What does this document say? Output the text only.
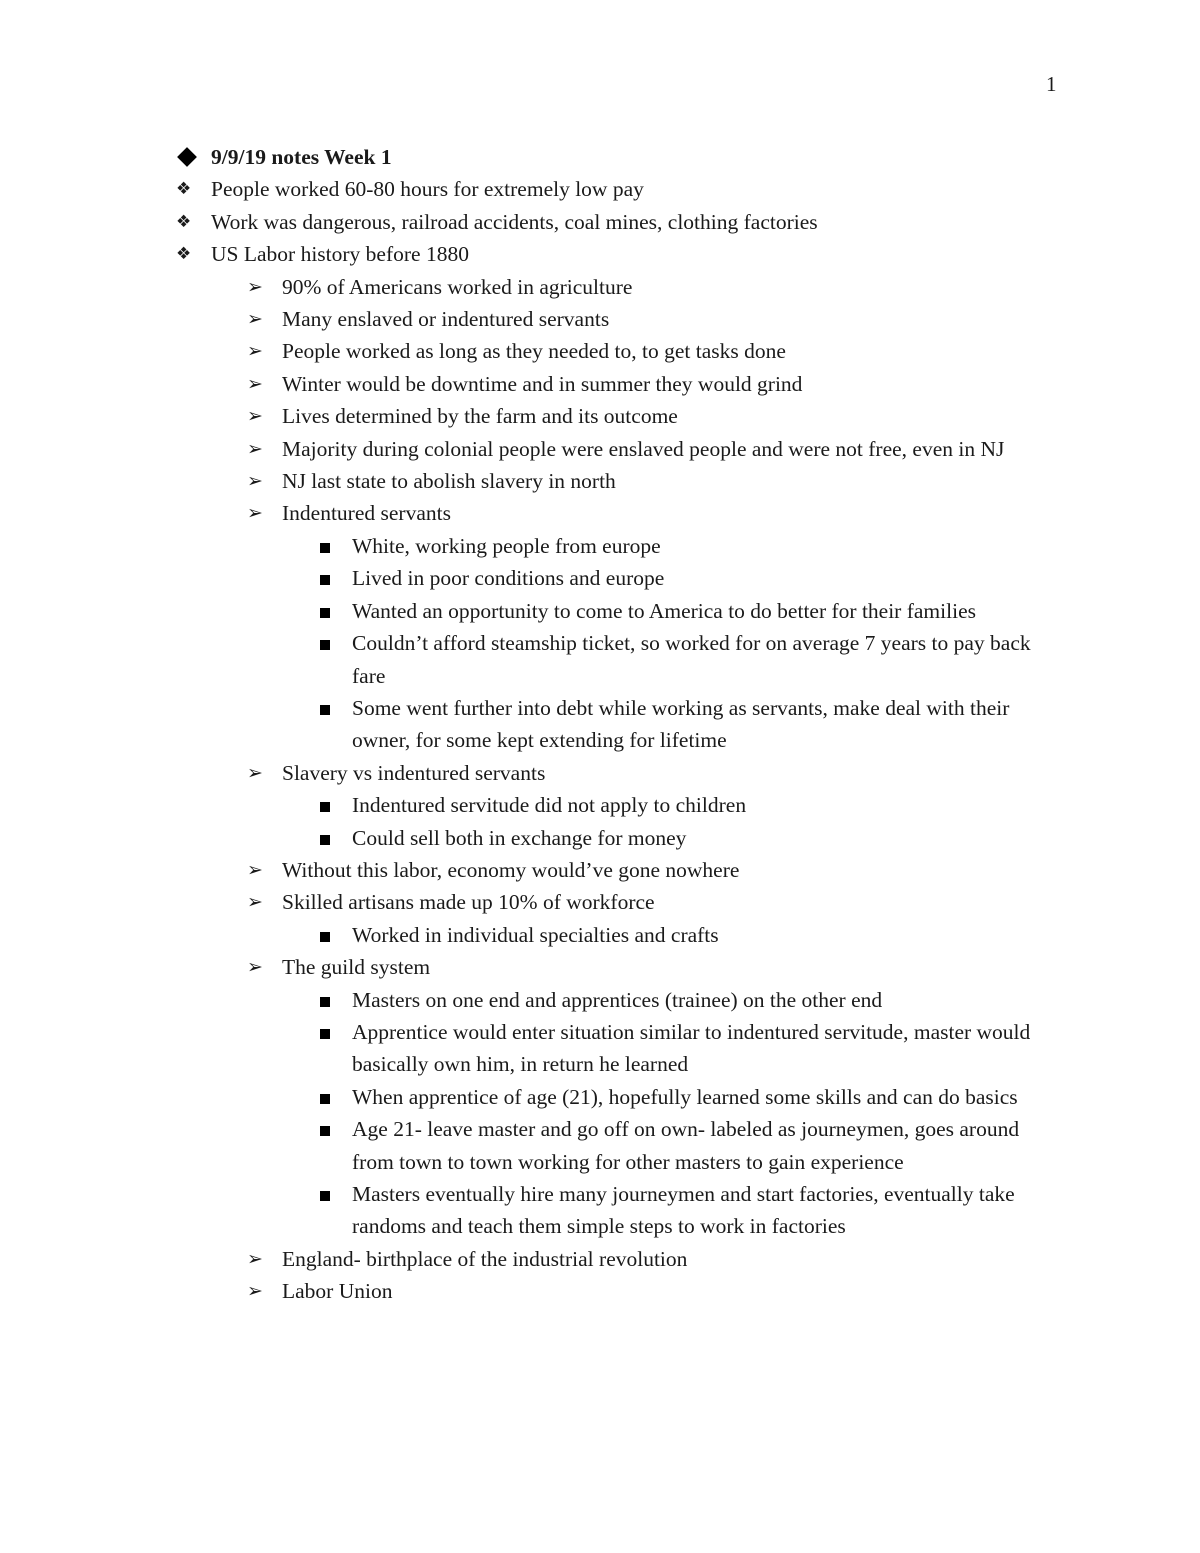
1
9/9/19 notes Week 1
❖ People worked 60-80 hours for extremely low pay
❖ Work was dangerous, railroad accidents, coal mines, clothing factories
❖ US Labor history before 1880
➢ 90% of Americans worked in agriculture
➢ Many enslaved or indentured servants
➢ People worked as long as they needed to, to get tasks done
➢ Winter would be downtime and in summer they would grind
➢ Lives determined by the farm and its outcome
➢ Majority during colonial people were enslaved people and were not free, even in NJ
➢ NJ last state to abolish slavery in north
➢ Indentured servants
White, working people from europe
Lived in poor conditions and europe
Wanted an opportunity to come to America to do better for their families
Couldn’t afford steamship ticket, so worked for on average 7 years to pay back fare
Some went further into debt while working as servants, make deal with their owner, for some kept extending for lifetime
➢ Slavery vs indentured servants
Indentured servitude did not apply to children
Could sell both in exchange for money
➢ Without this labor, economy would’ve gone nowhere
➢ Skilled artisans made up 10% of workforce
Worked in individual specialties and crafts
➢ The guild system
Masters on one end and apprentices (trainee) on the other end
Apprentice would enter situation similar to indentured servitude, master would basically own him, in return he learned
When apprentice of age (21), hopefully learned some skills and can do basics
Age 21- leave master and go off on own- labeled as journeymen, goes around from town to town working for other masters to gain experience
Masters eventually hire many journeymen and start factories, eventually take randoms and teach them simple steps to work in factories
➢ England- birthplace of the industrial revolution
➢ Labor Union
